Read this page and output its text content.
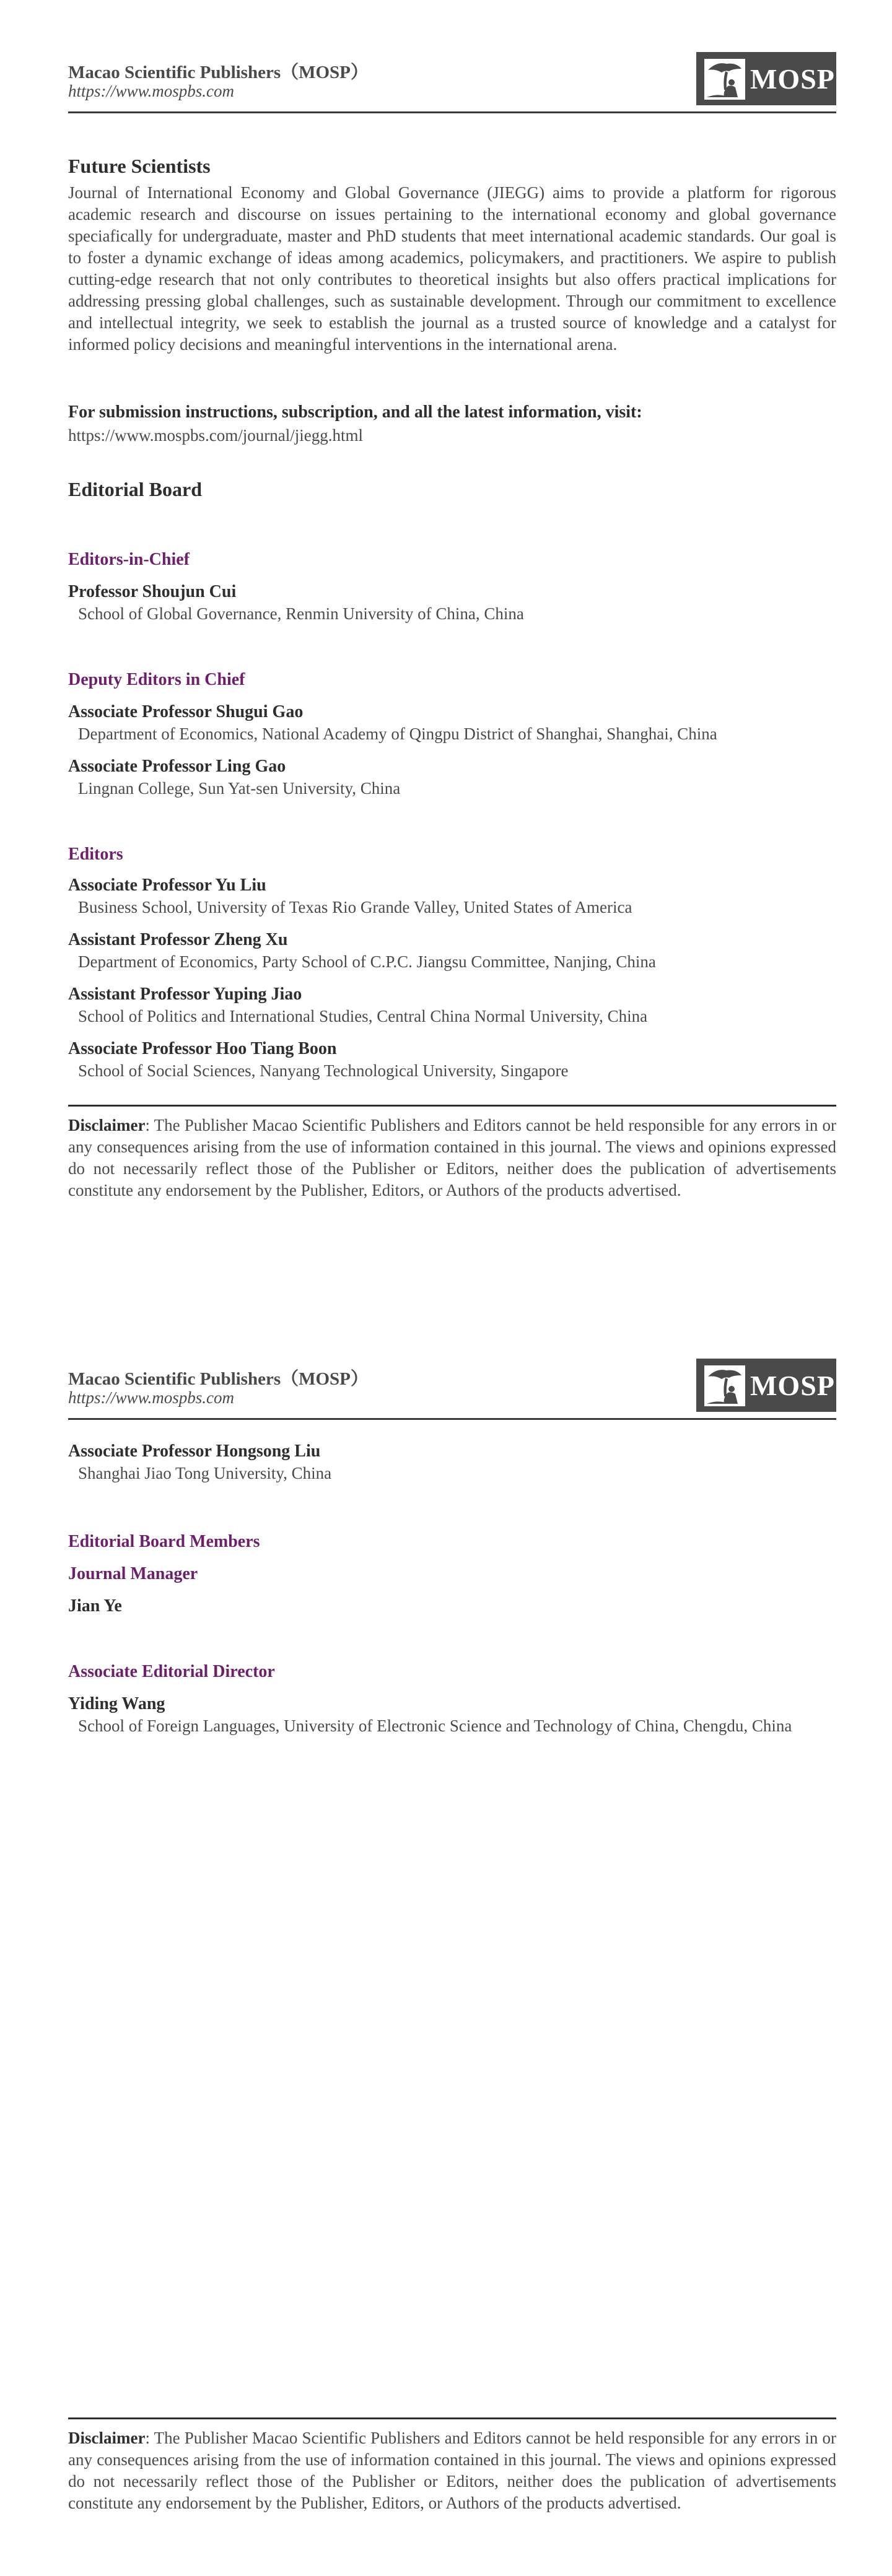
Macao Scientific Publishers（MOSP）
https://www.mospbs.com	MOSP
Future Scientists
Journal of International Economy and Global Governance (JIEGG) aims to provide a platform for rigorous academic research and discourse on issues pertaining to the international economy and global governance speciafically for undergraduate, master and PhD students that meet international academic standards. Our goal is to foster a dynamic exchange of ideas among academics, policymakers, and practitioners. We aspire to publish cutting-edge research that not only contributes to theoretical insights but also offers practical implications for addressing pressing global challenges, such as sustainable development. Through our commitment to excellence and intellectual integrity, we seek to establish the journal as a trusted source of knowledge and a catalyst for informed policy decisions and meaningful interventions in the international arena.
For submission instructions, subscription, and all the latest information, visit:
https://www.mospbs.com/journal/jiegg.html
Editorial Board
Editors-in-Chief
Professor Shoujun Cui
School of Global Governance, Renmin University of China, China
Deputy Editors in Chief
Associate Professor Shugui Gao
Department of Economics, National Academy of Qingpu District of Shanghai, Shanghai, China
Associate Professor Ling Gao
Lingnan College, Sun Yat-sen University, China
Editors
Associate Professor Yu Liu
Business School, University of Texas Rio Grande Valley, United States of America
Assistant Professor Zheng Xu
Department of Economics, Party School of C.P.C. Jiangsu Committee, Nanjing, China
Assistant Professor Yuping Jiao
School of Politics and International Studies, Central China Normal University, China
Associate Professor Hoo Tiang Boon
School of Social Sciences, Nanyang Technological University, Singapore
Disclaimer: The Publisher Macao Scientific Publishers and Editors cannot be held responsible for any errors in or any consequences arising from the use of information contained in this journal. The views and opinions expressed do not necessarily reflect those of the Publisher or Editors, neither does the publication of advertisements constitute any endorsement by the Publisher, Editors, or Authors of the products advertised.
Macao Scientific Publishers（MOSP）
https://www.mospbs.com	MOSP
Associate Professor Hongsong Liu
Shanghai Jiao Tong University, China
Editorial Board Members
Journal Manager
Jian Ye
Associate Editorial Director
Yiding Wang
School of Foreign Languages, University of Electronic Science and Technology of China, Chengdu, China
Disclaimer: The Publisher Macao Scientific Publishers and Editors cannot be held responsible for any errors in or any consequences arising from the use of information contained in this journal. The views and opinions expressed do not necessarily reflect those of the Publisher or Editors, neither does the publication of advertisements constitute any endorsement by the Publisher, Editors, or Authors of the products advertised.
